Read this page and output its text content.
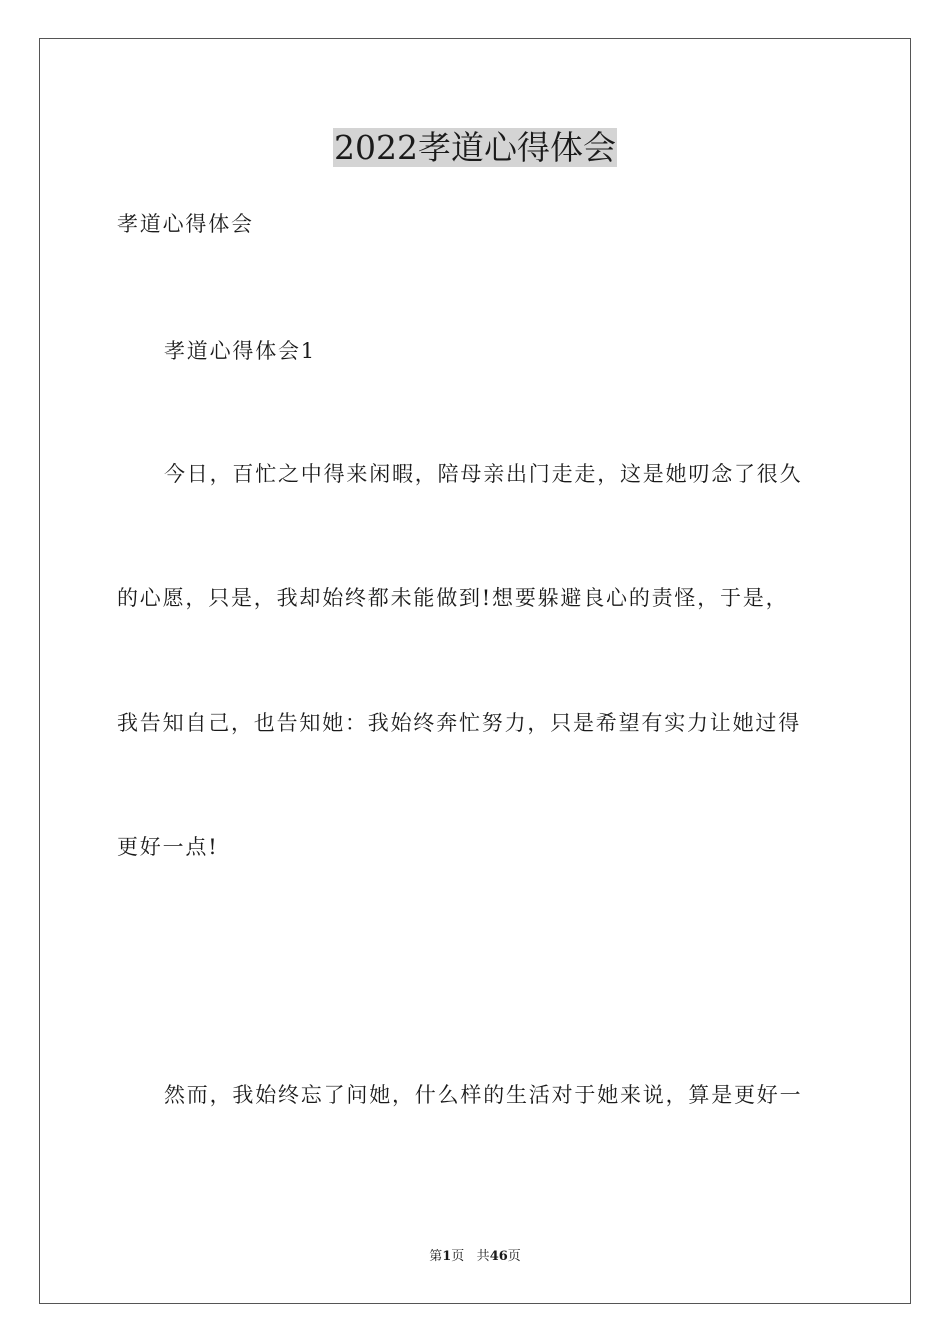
2022孝道心得体会
孝道心得体会
孝道心得体会1
今日，百忙之中得来闲暇，陪母亲出门走走，这是她叨念了很久
的心愿，只是，我却始终都未能做到!想要躲避良心的责怪，于是，
我告知自己，也告知她：我始终奔忙努力，只是希望有实力让她过得
更好一点!
然而，我始终忘了问她，什么样的生活对于她来说，算是更好一
第1页 共46页
